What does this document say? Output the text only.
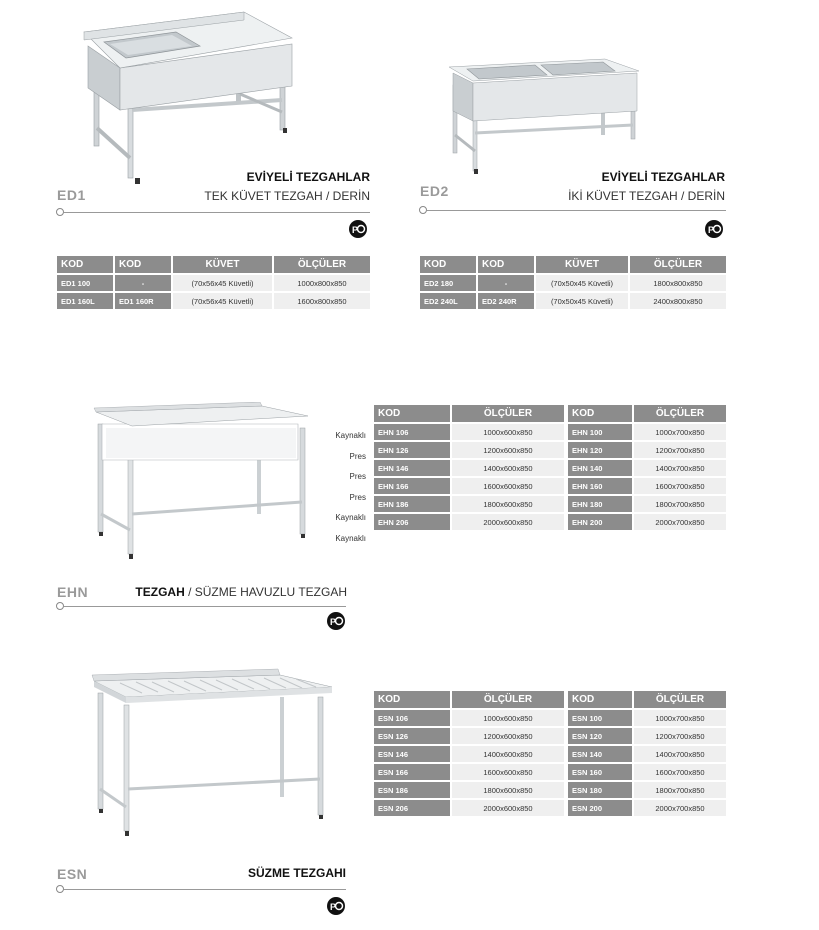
ED1
EVİYELİ TEZGAHLAR
TEK KÜVET TEZGAH / DERİN
P
KOD	KOD	KÜVET	ÖLÇÜLER
ED1 100	-	(70x56x45 Küvetli)	1000x800x850
ED1 160L	ED1 160R	(70x56x45 Küvetli)	1600x800x850
ED2
EVİYELİ TEZGAHLAR
İKİ KÜVET TEZGAH / DERİN
P
KOD	KOD	KÜVET	ÖLÇÜLER
ED2 180	-	(70x50x45 Küvetli)	1800x800x850
ED2 240L	ED2 240R	(70x50x45 Küvetli)	2400x800x850
EHN	TEZGAH / SÜZME HAVUZLU TEZGAH
P
Kaynaklı
Pres
Pres
Pres
Kaynaklı
Kaynaklı
KOD	ÖLÇÜLER
EHN 106	1000x600x850
EHN 126	1200x600x850
EHN 146	1400x600x850
EHN 166	1600x600x850
EHN 186	1800x600x850
EHN 206	2000x600x850
KOD	ÖLÇÜLER
EHN 100	1000x700x850
EHN 120	1200x700x850
EHN 140	1400x700x850
EHN 160	1600x700x850
EHN 180	1800x700x850
EHN 200	2000x700x850
ESN	SÜZME TEZGAHI
P
KOD	ÖLÇÜLER
ESN 106	1000x600x850
ESN 126	1200x600x850
ESN 146	1400x600x850
ESN 166	1600x600x850
ESN 186	1800x600x850
ESN 206	2000x600x850
KOD	ÖLÇÜLER
ESN 100	1000x700x850
ESN 120	1200x700x850
ESN 140	1400x700x850
ESN 160	1600x700x850
ESN 180	1800x700x850
ESN 200	2000x700x850
